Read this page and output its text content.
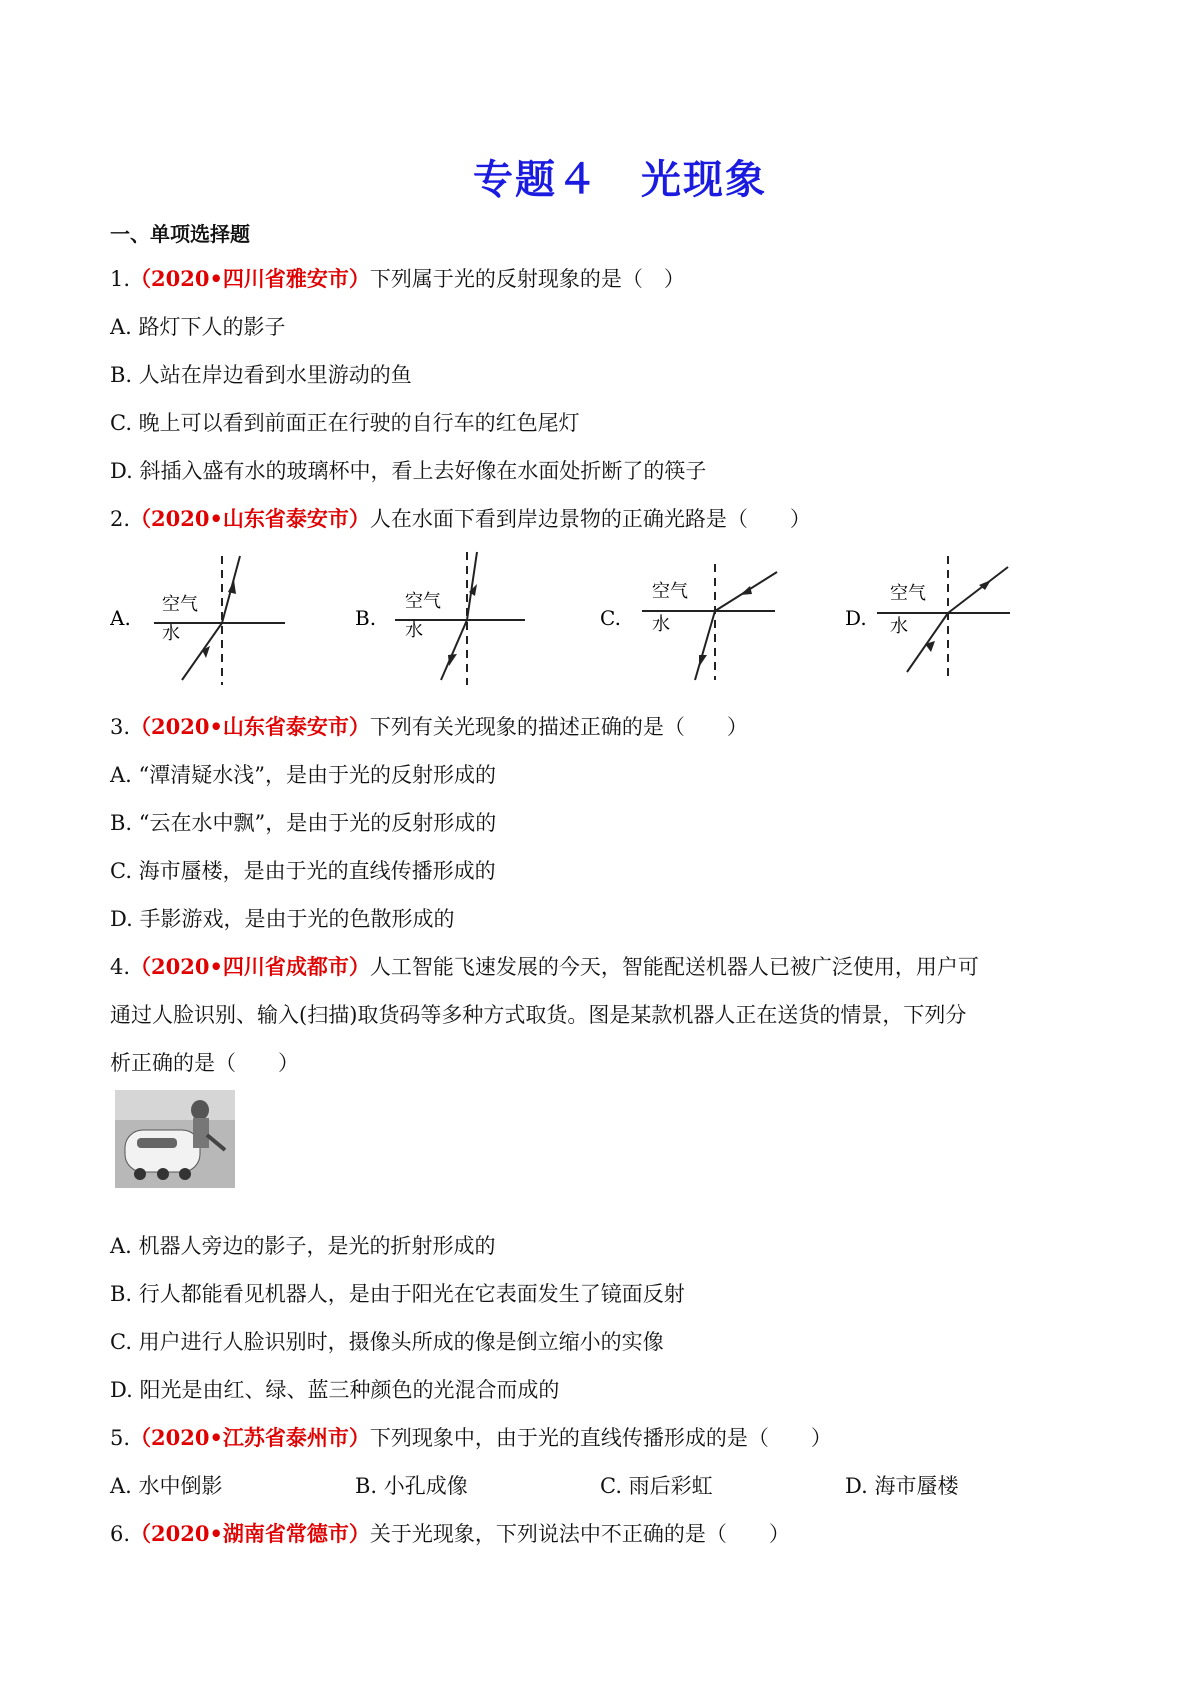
专题４　光现象
一、单项选择题
1.（2020•四川省雅安市）下列属于光的反射现象的是（　）
A. 路灯下人的影子
B. 人站在岸边看到水里游动的鱼
C. 晚上可以看到前面正在行驶的自行车的红色尾灯
D. 斜插入盛有水的玻璃杯中，看上去好像在水面处折断了的筷子
2.（2020•山东省泰安市）人在水面下看到岸边景物的正确光路是（　　）
A.
空气
水
B.
空气
水
C.
空气
水	D.
空气
水
3.（2020•山东省泰安市）下列有关光现象的描述正确的是（　　）
A. “潭清疑水浅”，是由于光的反射形成的
B. “云在水中飘”，是由于光的反射形成的
C. 海市蜃楼，是由于光的直线传播形成的
D. 手影游戏，是由于光的色散形成的
4.（2020•四川省成都市）人工智能飞速发展的今天，智能配送机器人已被广泛使用，用户可
通过人脸识别、输入(扫描)取货码等多种方式取货。图是某款机器人正在送货的情景，下列分
析正确的是（　　）
A. 机器人旁边的影子，是光的折射形成的
B. 行人都能看见机器人，是由于阳光在它表面发生了镜面反射
C. 用户进行人脸识别时，摄像头所成的像是倒立缩小的实像
D. 阳光是由红、绿、蓝三种颜色的光混合而成的
5.（2020•江苏省泰州市）下列现象中，由于光的直线传播形成的是（　　）
A. 水中倒影	B. 小孔成像	C. 雨后彩虹	D. 海市蜃楼
6.（2020•湖南省常德市）关于光现象，下列说法中不正确的是（　　）
